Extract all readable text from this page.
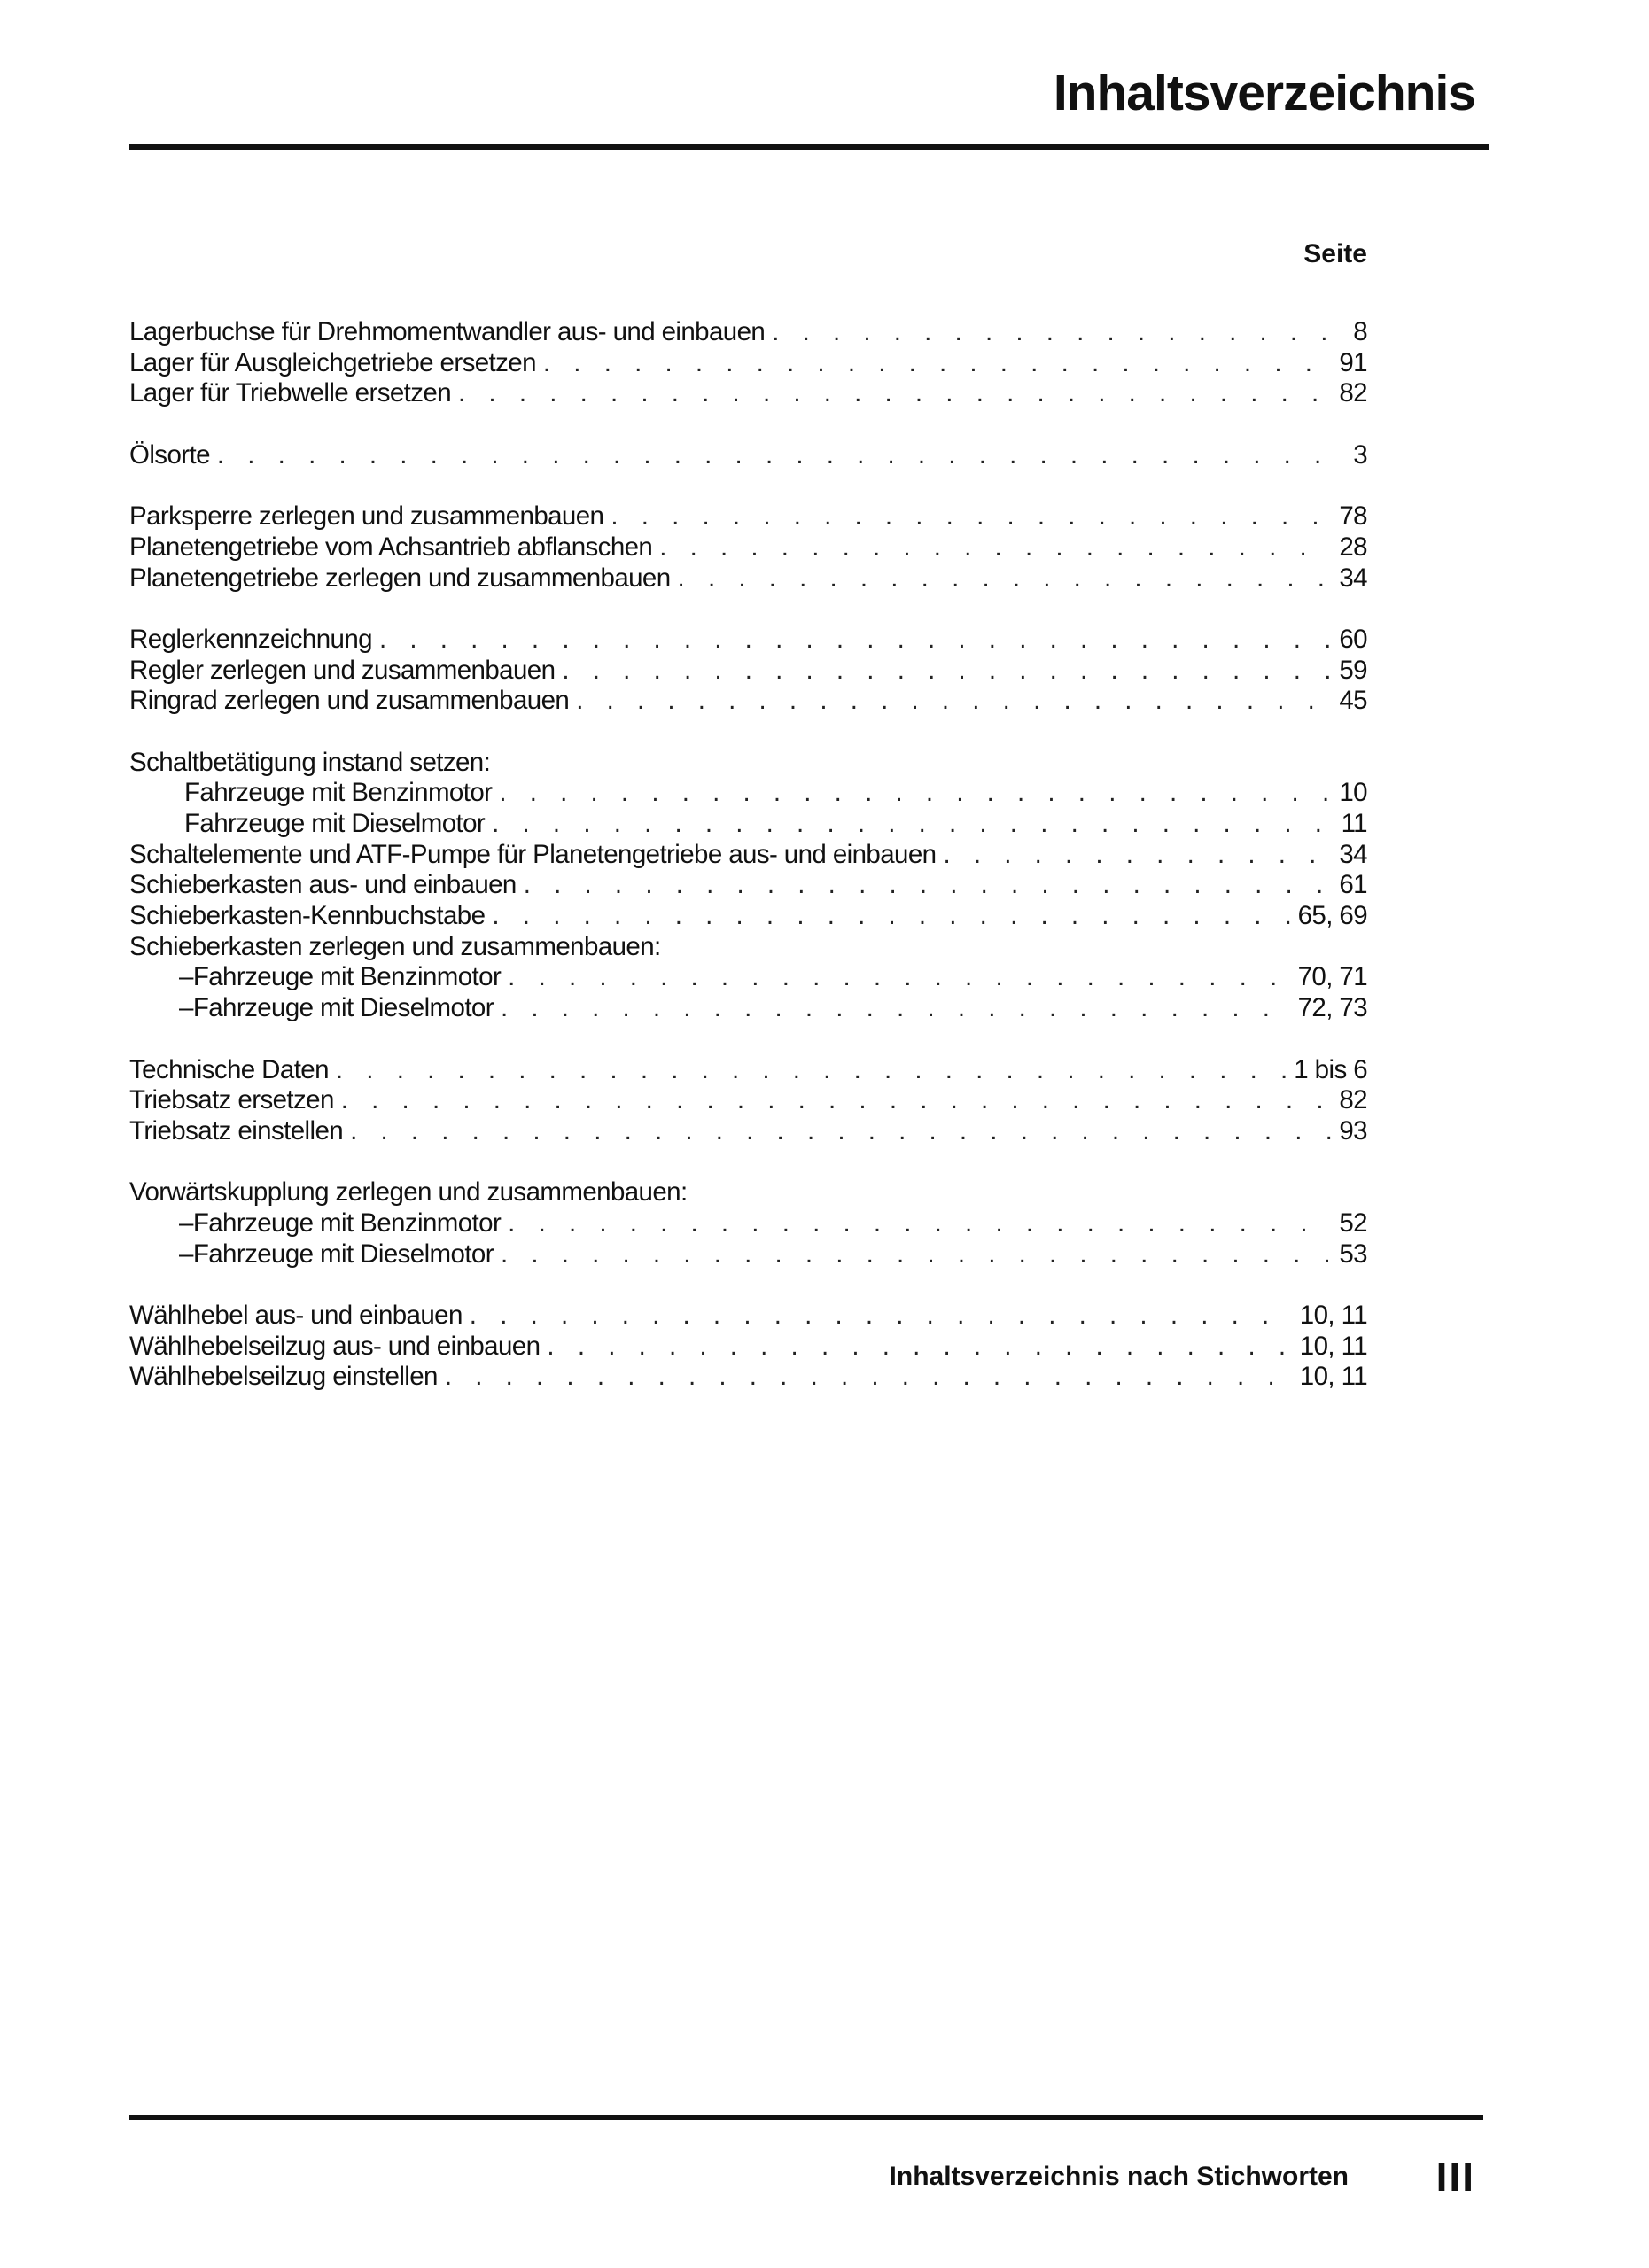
Inhaltsverzeichnis
Seite
Lagerbuchse für Drehmomentwandler aus- und einbauen . . .	8
Lager für Ausgleichgetriebe ersetzen . . .	91
Lager für Triebwelle ersetzen . . .	82
Ölsorte . . .	3
Parksperre zerlegen und zusammenbauen . . .	78
Planetengetriebe vom Achsantrieb abflanschen . . .	28
Planetengetriebe zerlegen und zusammenbauen . . .	34
Reglerkennzeichnung . . .	60
Regler zerlegen und zusammenbauen . . .	59
Ringrad zerlegen und zusammenbauen . . .	45
Schaltbetätigung instand setzen:
Fahrzeuge mit Benzinmotor . . .	10
Fahrzeuge mit Dieselmotor . . .	11
Schaltelemente und ATF-Pumpe für Planetengetriebe aus- und einbauen . . .	34
Schieberkasten aus- und einbauen . . .	61
Schieberkasten-Kennbuchstabe . . .	65, 69
Schieberkasten zerlegen und zusammenbauen:
– Fahrzeuge mit Benzinmotor . . .	70, 71
– Fahrzeuge mit Dieselmotor . . .	72, 73
Technische Daten . . .	1 bis 6
Triebsatz ersetzen . . .	82
Triebsatz einstellen . . .	93
Vorwärtskupplung zerlegen und zusammenbauen:
– Fahrzeuge mit Benzinmotor . . .	52
– Fahrzeuge mit Dieselmotor . . .	53
Wählhebel aus- und einbauen . . .	10, 11
Wählhebelseilzug aus- und einbauen . . .	10, 11
Wählhebelseilzug einstellen . . .	10, 11
Inhaltsverzeichnis nach Stichworten III
